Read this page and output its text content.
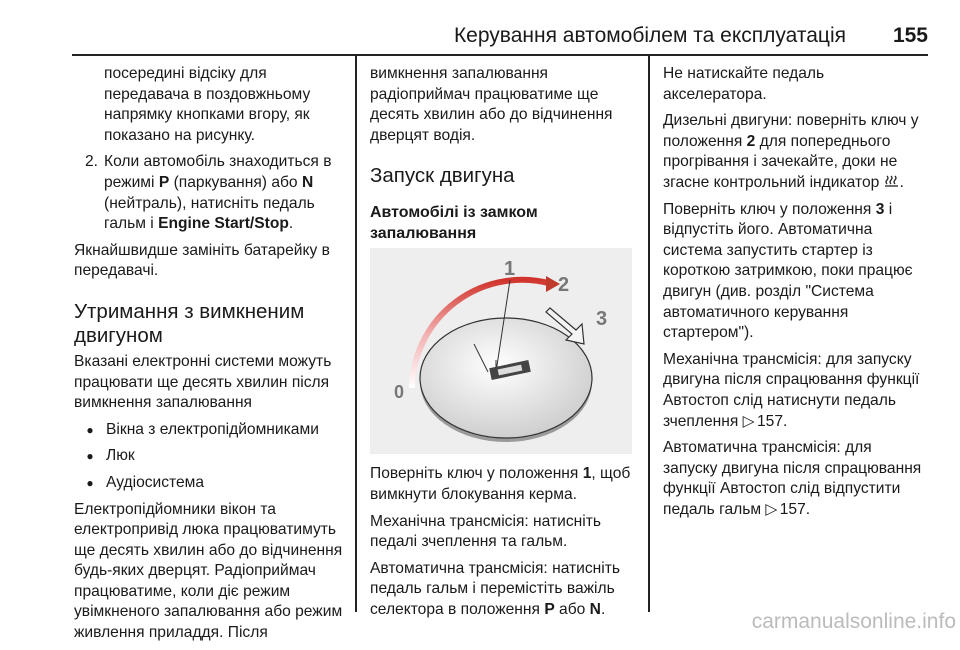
Керування автомобілем та експлуатація 155

посередині відсіку для передавача в поздовжньому напрямку кнопками вгору, як показано на рисунку.

2. Коли автомобіль знаходиться в режимі P (паркування) або N (нейтраль), натисніть педаль гальм і Engine Start/Stop.

Якнайшвидше замініть батарейку в передавачі.

Утримання з вимкненим двигуном

Вказані електронні системи можуть працювати ще десять хвилин після вимкнення запалювання

● Вікна з електропідйомниками
● Люк
● Аудіосистема

Електропідйомники вікон та електропривід люка працюватимуть ще десять хвилин або до відчинення будь-яких дверцят. Радіоприймач працюватиме, коли діє режим увімкненого запалювання або режим живлення приладдя. Після

вимкнення запалювання радіоприймач працюватиме ще десять хвилин або до відчинення дверцят водія.

Запуск двигуна
Автомобілі із замком запалювання
0
1
2
3

Поверніть ключ у положення 1, щоб вимкнути блокування керма.

Механічна трансмісія: натисніть педалі зчеплення та гальм.

Автоматична трансмісія: натисніть педаль гальм і перемістіть важіль селектора в положення P або N.

Не натискайте педаль акселератора.

Дизельні двигуни: поверніть ключ у положення 2 для попереднього прогрівання і зачекайте, доки не згасне контрольний індикатор .

Поверніть ключ у положення 3 і відпустіть його. Автоматична система запустить стартер із короткою затримкою, поки працює двигун (див. розділ "Система автоматичного керування стартером").

Механічна трансмісія: для запуску двигуна після спрацювання функції Автостоп слід натиснути педаль зчеплення ▷ 157.

Автоматична трансмісія: для запуску двигуна після спрацювання функції Автостоп слід відпустити педаль гальм ▷ 157.

carmanualsonline.info
